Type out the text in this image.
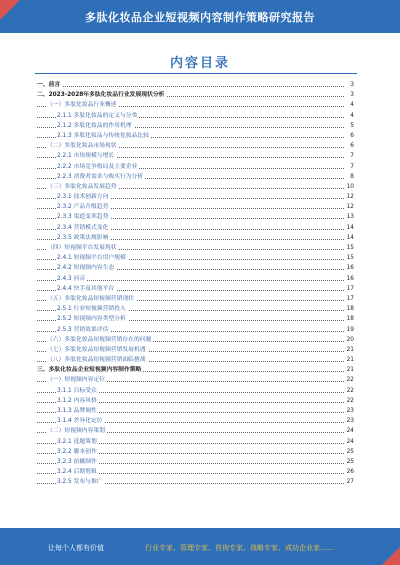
多肽化妆品企业短视频内容制作策略研究报告
内容目录
一、前言	3
二、2023-2028年多肽化妆品行业发展现状分析	3
（一）多肽化妆品行业概述	4
2.1.1 多肽化妆品的定义与分类	4
2.1.2 多肽化妆品的作用机理	5
2.1.3 多肽化妆品与传统化妆品比较	6
（二）多肽化妆品市场现状	6
2.2.1 市场规模与增长	7
2.2.2 市场竞争格局及主要企业	7
2.2.3 消费者需求与购买行为分析	8
（三）多肽化妆品发展趋势	10
2.3.1 技术创新方向	12
2.3.2 产品升级趋势	12
2.3.3 渠道变革趋势	13
2.3.4 营销模式变化	14
2.3.5 政策法规影响	14
（四）短视频平台发展现状	15
2.4.1 短视频平台用户规模	15
2.4.2 短视频内容生态	16
2.4.3 抖音	16
2.4.4 快手及其他平台	17
（五）多肽化妆品短视频营销现状	17
2.5.1 行业短视频营销投入	18
2.5.2 短视频内容类型分析	18
2.5.3 营销效果评估	19
（六）多肽化妆品短视频营销存在的问题	20
（七）多肽化妆品短视频营销发展机遇	21
（八）多肽化妆品短视频营销面临挑战	21
三、多肽化妆品企业短视频内容制作策略	21
（一）短视频内容定位	22
3.1.1 目标受众	22
3.1.2 内容风格	22
3.1.3 品牌调性	23
3.1.4 差异化定位	23
（二）短视频内容策划	24
3.2.1 选题策划	24
3.2.2 脚本创作	25
3.2.3 拍摄制作	25
3.2.4 后期剪辑	26
3.2.5 发布与推广	27
让每个人都有价值	行业专家、管理专家、咨询专家、战略专家、成功企业家……
